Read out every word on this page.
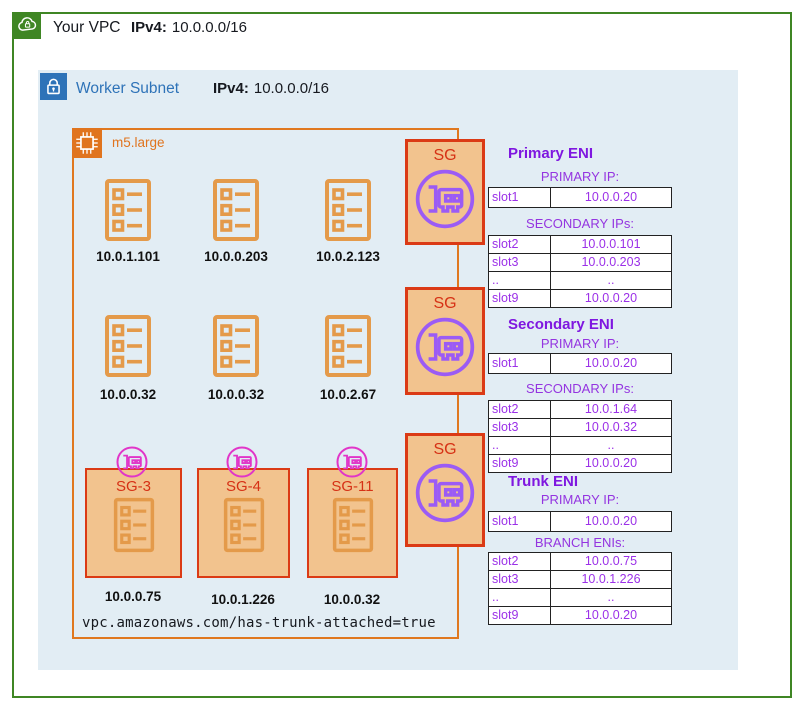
Your VPC IPv4: 10.0.0.0/16
Worker Subnet IPv4: 10.0.0.0/16
m5.large
10.0.1.101	10.0.0.203	10.0.2.123
10.0.0.32	10.0.0.32	10.0.2.67
SG
SG
SG
SG-3	SG-4	SG-11
10.0.0.75	10.0.1.226	10.0.0.32
vpc.amazonaws.com/has-trunk-attached=true
Primary ENI
PRIMARY IP:
slot1	10.0.0.20
SECONDARY IPs:
slot2	10.0.0.101
slot3	10.0.0.203
..	..
slot9	10.0.0.20
Secondary ENI
PRIMARY IP:
slot1	10.0.0.20
SECONDARY IPs:
slot2	10.0.1.64
slot3	10.0.0.32
..	..
slot9	10.0.0.20
Trunk ENI
PRIMARY IP:
slot1	10.0.0.20
BRANCH ENIs:
slot2	10.0.0.75
slot3	10.0.1.226
..	..
slot9	10.0.0.20
